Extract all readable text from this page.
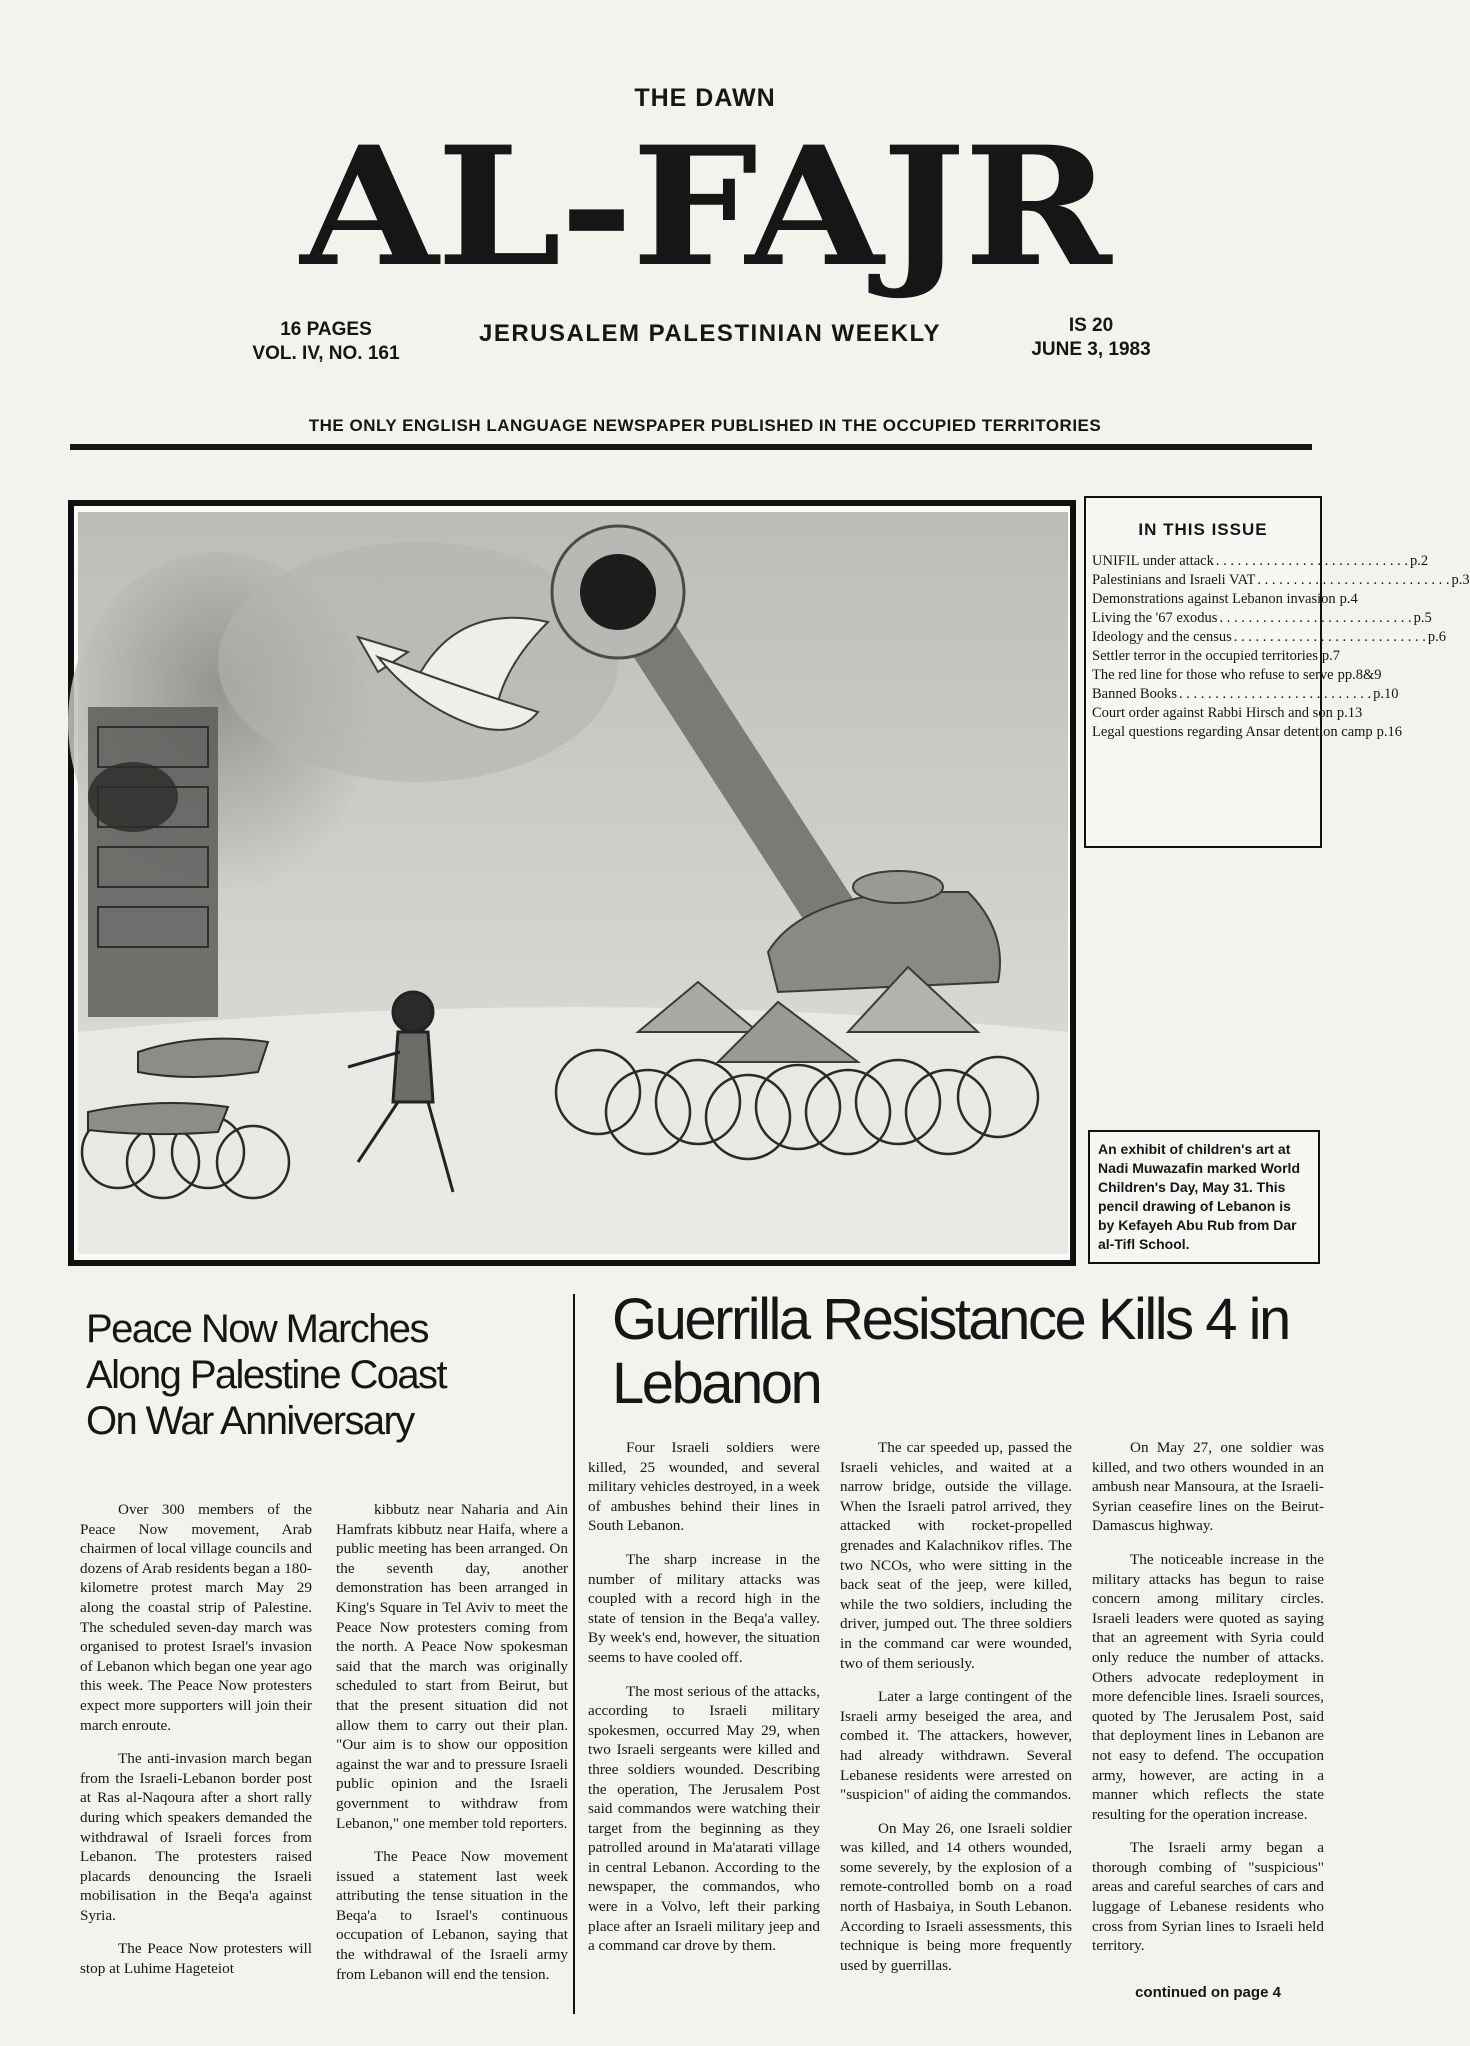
THE DAWN
AL-FAJR
16 PAGES
VOL. IV, NO. 161
JERUSALEM PALESTINIAN WEEKLY	IS 20
JUNE 3, 1983
THE ONLY ENGLISH LANGUAGE NEWSPAPER PUBLISHED IN THE OCCUPIED TERRITORIES
IN THIS ISSUE
UNIFIL under attack . . . . . . . . . . . . . . . . . . . . . . . . . . . p.2
Palestinians and Israeli VAT . . . . . . . . . . . . . . . . . . . . . . . . . . . p.3
Demonstrations against Lebanon invasion p.4
Living the '67 exodus . . . . . . . . . . . . . . . . . . . . . . . . . . . p.5
Ideology and the census . . . . . . . . . . . . . . . . . . . . . . . . . . . p.6
Settler terror in the occupied territories p.7
The red line for those who refuse to serve pp.8&9
Banned Books . . . . . . . . . . . . . . . . . . . . . . . . . . . p.10
Court order against Rabbi Hirsch and son p.13
Legal questions regarding Ansar detention camp p.16
An exhibit of children's art at Nadi Muwazafin marked World Children's Day, May 31. This pencil drawing of Lebanon is by Kefayeh Abu Rub from Dar al-Tifl School.
Peace Now Marches Along Palestine Coast On War Anniversary
Guerrilla Resistance Kills 4 in Lebanon

Over 300 members of the Peace Now movement, Arab chairmen of local village councils and dozens of Arab residents began a 180-kilometre protest march May 29 along the coastal strip of Palestine. The scheduled seven-day march was organised to protest Israel's invasion of Lebanon which began one year ago this week. The Peace Now protesters expect more supporters will join their march enroute.

The anti-invasion march began from the Israeli-Lebanon border post at Ras al-Naqoura after a short rally during which speakers demanded the withdrawal of Israeli forces from Lebanon. The protesters raised placards denouncing the Israeli mobilisation in the Beqa'a against Syria.

The Peace Now protesters will stop at Luhime Hageteiot

kibbutz near Naharia and Ain Hamfrats kibbutz near Haifa, where a public meeting has been arranged. On the seventh day, another demonstration has been arranged in King's Square in Tel Aviv to meet the Peace Now protesters coming from the north. A Peace Now spokesman said that the march was originally scheduled to start from Beirut, but that the present situation did not allow them to carry out their plan. "Our aim is to show our opposition against the war and to pressure Israeli public opinion and the Israeli government to withdraw from Lebanon," one member told reporters.

The Peace Now movement issued a statement last week attributing the tense situation in the Beqa'a to Israel's continuous occupation of Lebanon, saying that the withdrawal of the Israeli army from Lebanon will end the tension.

Four Israeli soldiers were killed, 25 wounded, and several military vehicles destroyed, in a week of ambushes behind their lines in South Lebanon.

The sharp increase in the number of military attacks was coupled with a record high in the state of tension in the Beqa'a valley. By week's end, however, the situation seems to have cooled off.

The most serious of the attacks, according to Israeli military spokesmen, occurred May 29, when two Israeli sergeants were killed and three soldiers wounded. Describing the operation, The Jerusalem Post said commandos were watching their target from the beginning as they patrolled around in Ma'atarati village in central Lebanon. According to the newspaper, the commandos, who were in a Volvo, left their parking place after an Israeli military jeep and a command car drove by them.

The car speeded up, passed the Israeli vehicles, and waited at a narrow bridge, outside the village. When the Israeli patrol arrived, they attacked with rocket-propelled grenades and Kalachnikov rifles. The two NCOs, who were sitting in the back seat of the jeep, were killed, while the two soldiers, including the driver, jumped out. The three soldiers in the command car were wounded, two of them seriously.

Later a large contingent of the Israeli army beseiged the area, and combed it. The attackers, however, had already withdrawn. Several Lebanese residents were arrested on "suspicion" of aiding the commandos.

On May 26, one Israeli soldier was killed, and 14 others wounded, some severely, by the explosion of a remote-controlled bomb on a road north of Hasbaiya, in South Lebanon. According to Israeli assessments, this technique is being more frequently used by guerrillas.

On May 27, one soldier was killed, and two others wounded in an ambush near Mansoura, at the Israeli-Syrian ceasefire lines on the Beirut-Damascus highway.

The noticeable increase in the military attacks has begun to raise concern among military circles. Israeli leaders were quoted as saying that an agreement with Syria could only reduce the number of attacks. Others advocate redeployment in more defencible lines. Israeli sources, quoted by The Jerusalem Post, said that deployment lines in Lebanon are not easy to defend. The occupation army, however, are acting in a manner which reflects the state resulting for the operation increase.

The Israeli army began a thorough combing of "suspicious" areas and careful searches of cars and luggage of Lebanese residents who cross from Syrian lines to Israeli held territory.

continued on page 4
